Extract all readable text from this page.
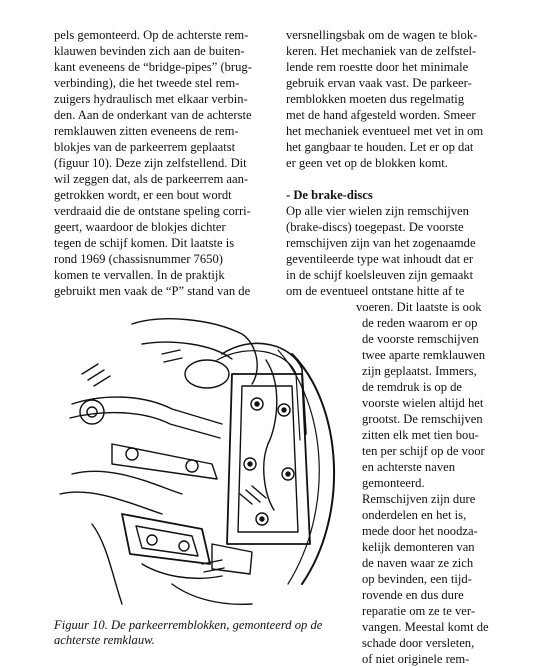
pels gemonteerd. Op de achterste rem-
klauwen bevinden zich aan de buiten-
kant eveneens de “bridge-pipes” (brug-
verbinding), die het tweede stel rem-
zuigers hydraulisch met elkaar verbin-
den. Aan de onderkant van de achterste
remklauwen zitten eveneens de rem-
blokjes van de parkeerrem geplaatst
(figuur 10). Deze zijn zelfstellend. Dit
wil zeggen dat, als de parkeerrem aan-
getrokken wordt, er een bout wordt
verdraaid die de ontstane speling corri-
geert, waardoor de blokjes dichter
tegen de schijf komen. Dit laatste is
rond 1969 (chassisnummer 7650)
komen te vervallen. In de praktijk
gebruikt men vaak de “P” stand van de
versnellingsbak om de wagen te blok-
keren. Het mechaniek van de zelfstel-
lende rem roestte door het minimale
gebruik ervan vaak vast. De parkeer-
remblokken moeten dus regelmatig
met de hand afgesteld worden. Smeer
het mechaniek eventueel met vet in om
het gangbaar te houden. Let er op dat
er geen vet op de blokken komt.
- De brake-discs
Op alle vier wielen zijn remschijven
(brake-discs) toegepast. De voorste
remschijven zijn van het zogenaamde
geventileerde type wat inhoudt dat er
in de schijf koelsleuven zijn gemaakt
om de eventueel ontstane hitte af te
voeren. Dit laatste is ook
de reden waarom er op
de voorste remschijven
twee aparte remklauwen
zijn geplaatst. Immers,
de remdruk is op de
voorste wielen altijd het
grootst. De remschijven
zitten elk met tien bou-
ten per schijf op de voor
en achterste naven
gemonteerd.
Remschijven zijn dure
onderdelen en het is,
mede door het noodza-
kelijk demonteren van
de naven waar ze zich
op bevinden, een tijd-
rovende en dus dure
reparatie om ze te ver-
vangen. Meestal komt de
schade door versleten,
of niet originele rem-
Figuur 10. De parkeerremblokken, gemonteerd op de
achterste remklauw.
